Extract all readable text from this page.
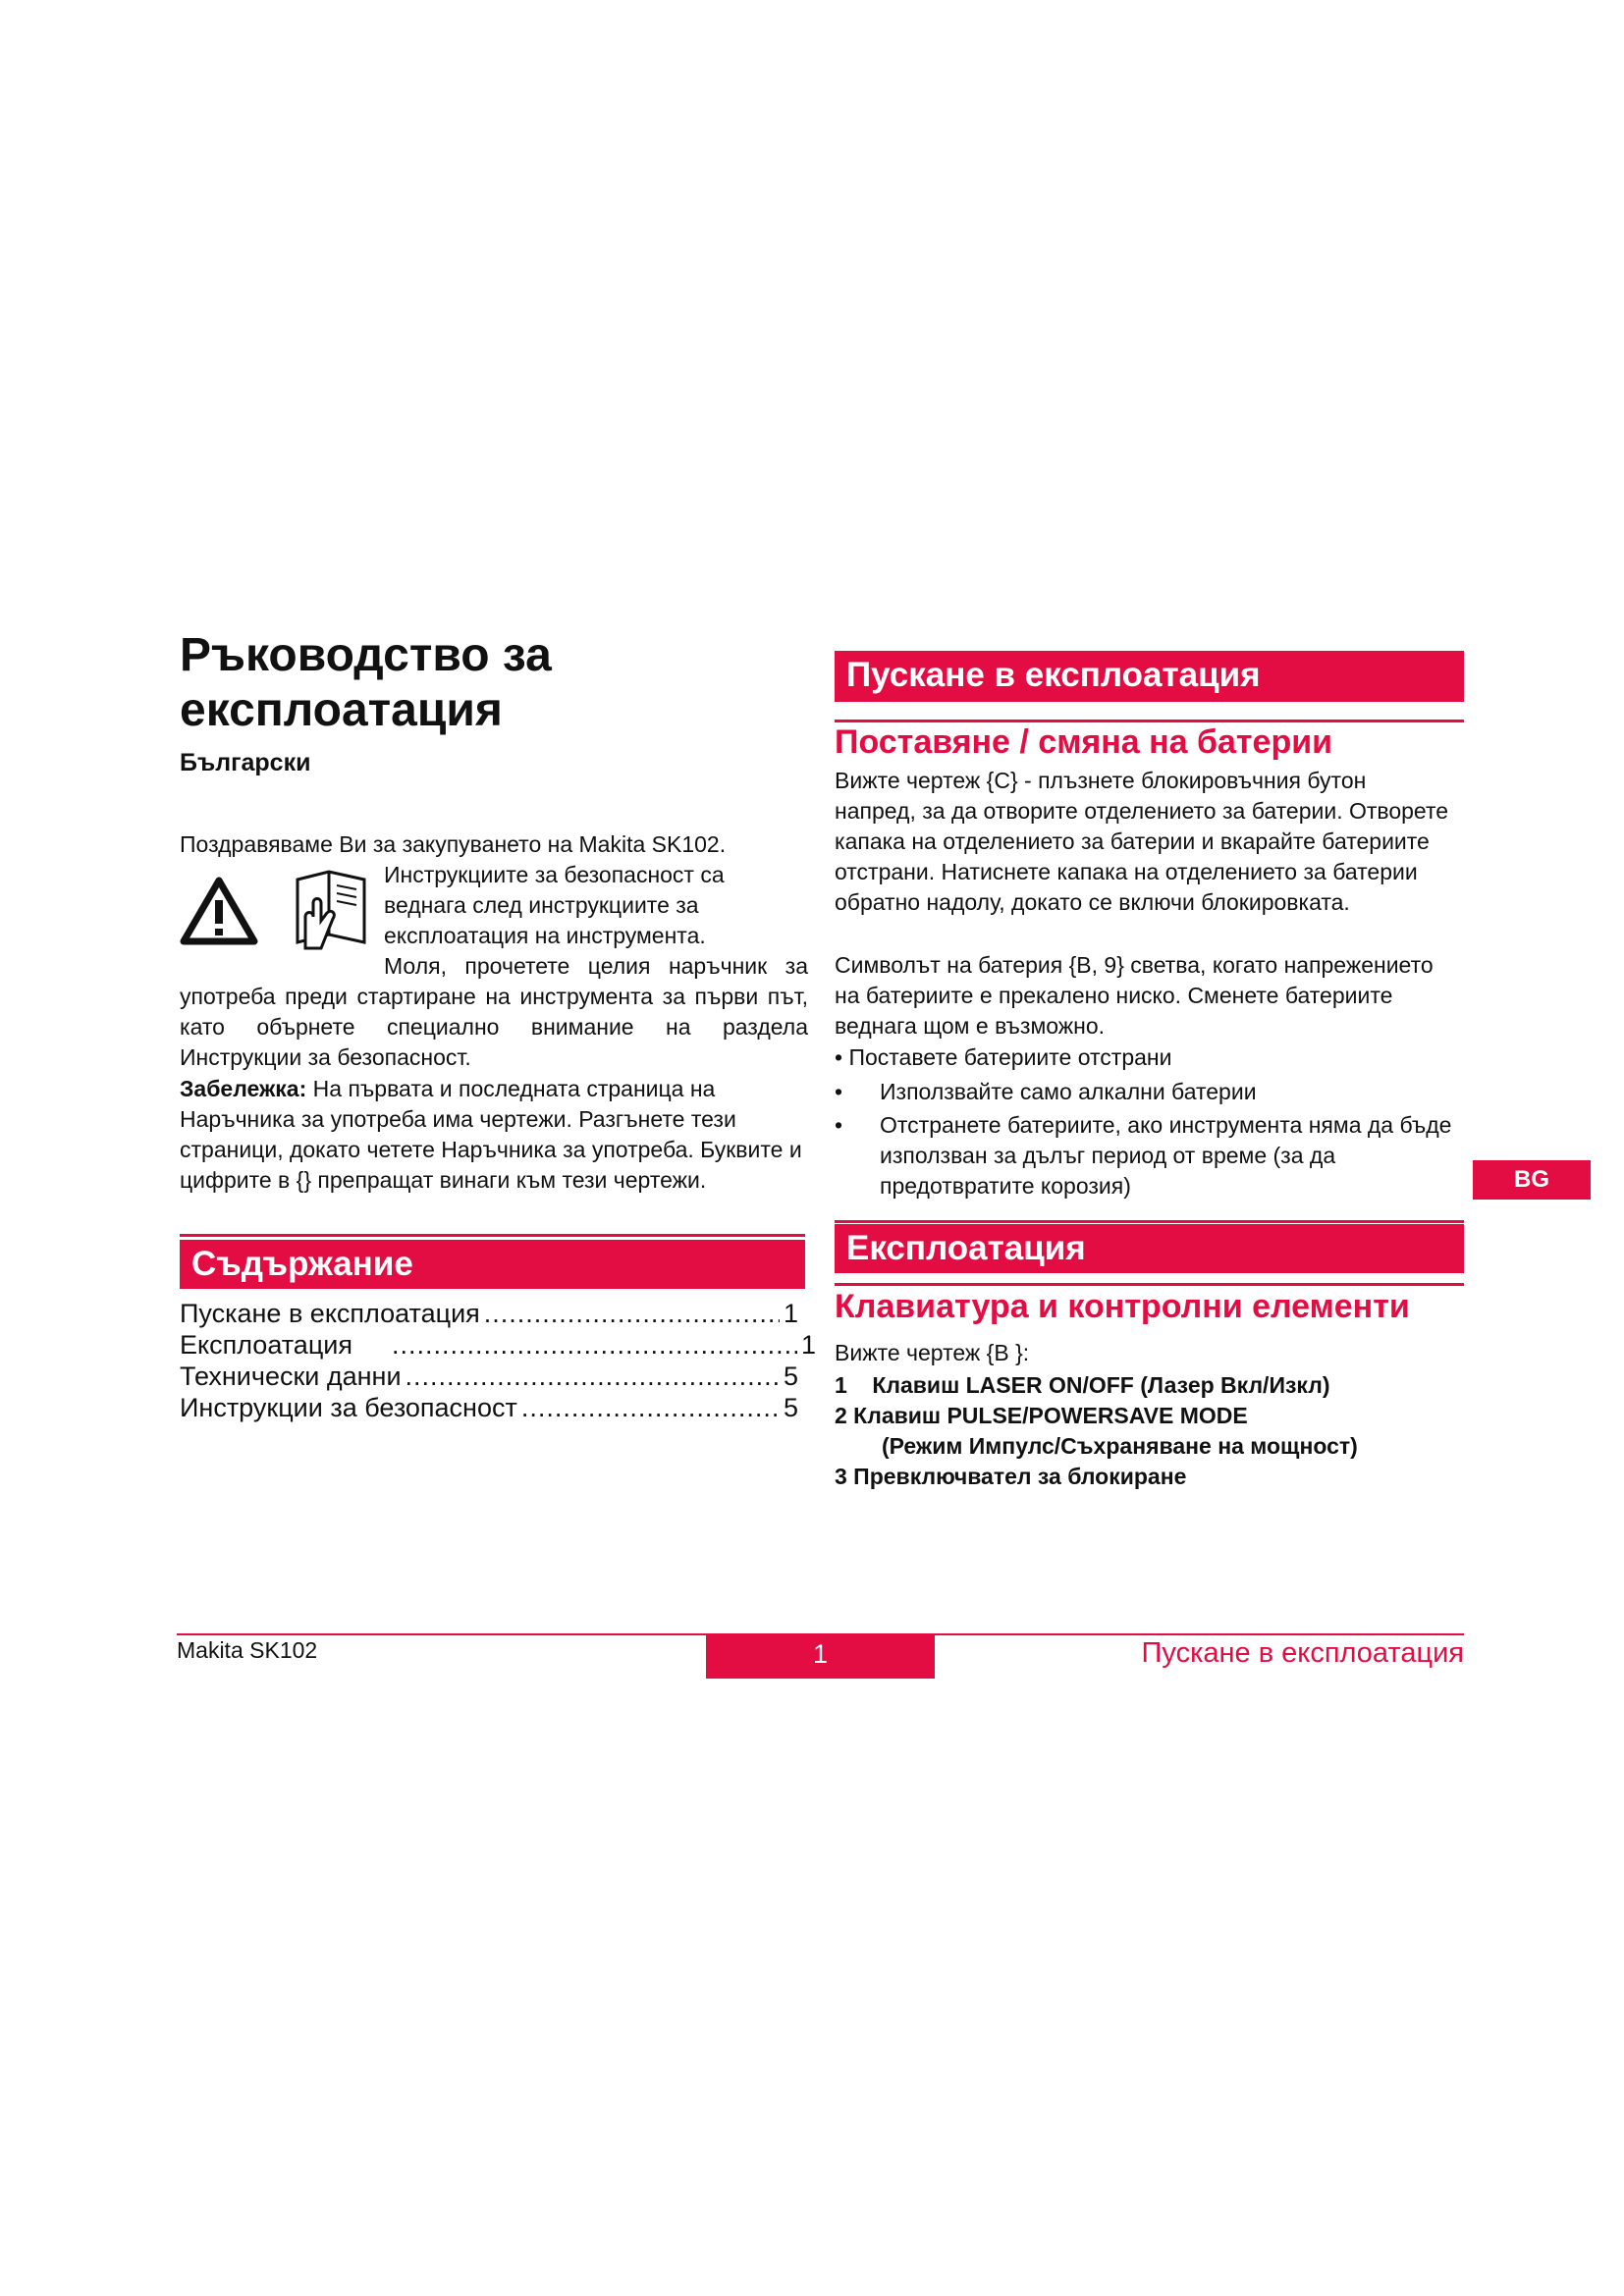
Ръководство за експлоатация
Български

Поздравяваме Ви за закупуването на Makita SK102.

Инструкциите за безопасност са веднага след инструкциите за експлоатация на инструмента.

Моля, прочетете целия наръчник за употреба преди стартиране на инструмента за първи път, като обърнете специално внимание на раздела Инструкции за безопасност.

Забележка: На първата и последната страница на Наръчника за употреба има чертежи. Разгънете тези страници, докато четете Наръчника за употреба. Буквите и цифрите в {} препращат винаги към тези чертежи.

Съдържание
Пускане в експлоатация .....	1
Експлоатация .....	1
Технически данни .....	5
Инструкции за безопасност .....	5
Пускане в експлоатация
Поставяне / смяна на батерии

Вижте чертеж {C} - плъзнете блокировъчния бутон напред, за да отворите отделението за батерии. Отворете капака на отделението за батерии и вкарайте батериите отстрани. Натиснете капака на отделението за батерии обратно надолу, докато се включи блокировката.

Символът на батерия {B, 9} светва, когато напрежението на батериите е прекалено ниско. Сменете батериите веднага щом е възможно.

• Поставете батериите отстрани

•	Използвайте само алкални батерии
•	Отстранете батериите, ако инструмента няма да бъде използван за дълъг период от време (за да предотвратите корозия)
Експлоатация
Клавиатура и контролни елементи

Вижте чертеж {B }:

1    Клавиш LASER ON/OFF (Лазер Вкл/Изкл)
2 Клавиш PULSE/POWERSAVE MODE
(Режим Импулс/Съхраняване на мощност)
3 Превключвател за блокиране
BG
Makita SK102	1	Пускане в експлоатация
